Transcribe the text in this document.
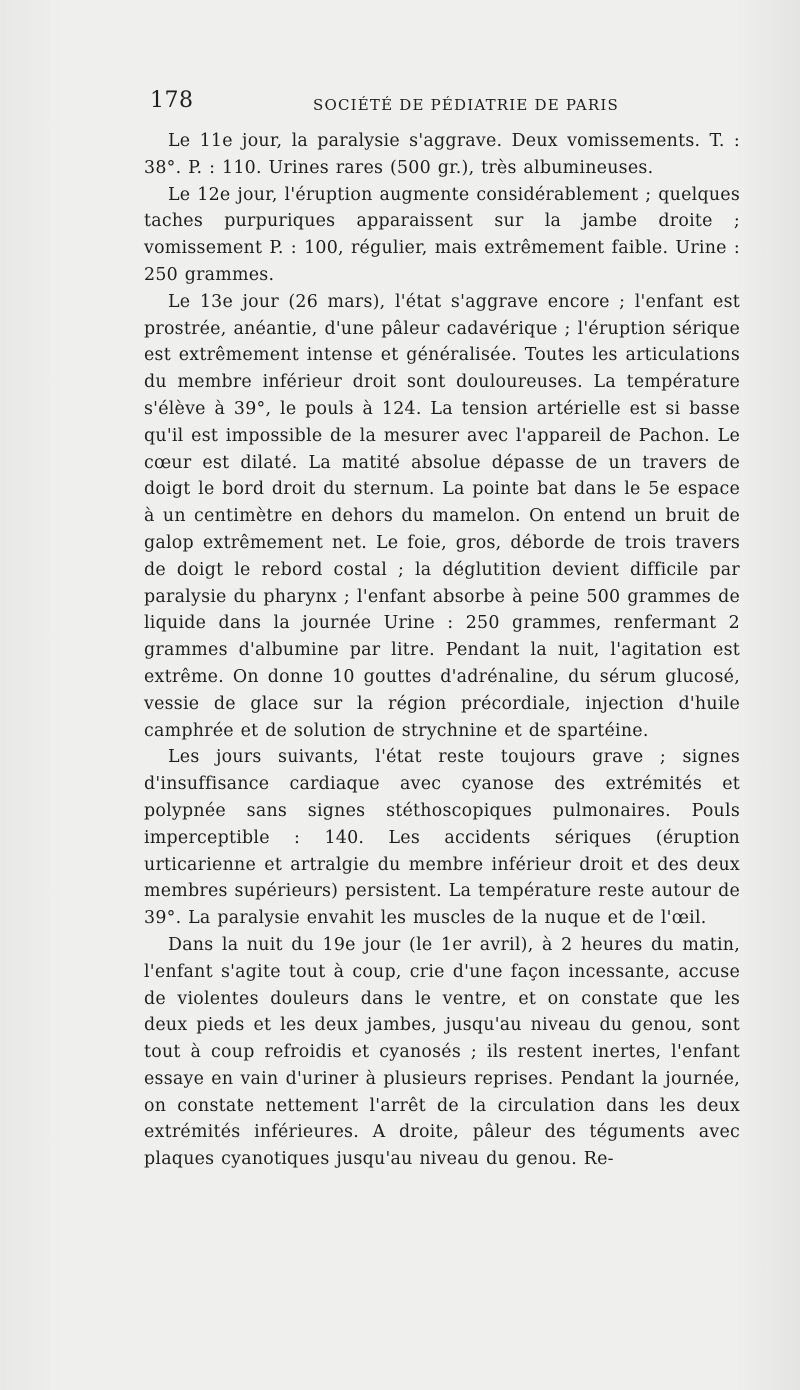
178	SOCIÉTÉ DE PÉDIATRIE DE PARIS

Le 11e jour, la paralysie s'aggrave. Deux vomissements. T. : 38°. P. : 110. Urines rares (500 gr.), très albumineuses.

Le 12e jour, l'éruption augmente considérablement ; quelques taches purpuriques apparaissent sur la jambe droite ; vomissement P. : 100, régulier, mais extrêmement faible. Urine : 250 grammes.

Le 13e jour (26 mars), l'état s'aggrave encore ; l'enfant est prostrée, anéantie, d'une pâleur cadavérique ; l'éruption sérique est extrêmement intense et généralisée. Toutes les articulations du membre inférieur droit sont douloureuses. La température s'élève à 39°, le pouls à 124. La tension artérielle est si basse qu'il est impossible de la mesurer avec l'appareil de Pachon. Le cœur est dilaté. La matité absolue dépasse de un travers de doigt le bord droit du sternum. La pointe bat dans le 5e espace à un centimètre en dehors du mamelon. On entend un bruit de galop extrêmement net. Le foie, gros, déborde de trois travers de doigt le rebord costal ; la déglutition devient difficile par paralysie du pharynx ; l'enfant absorbe à peine 500 grammes de liquide dans la journée Urine : 250 grammes, renfermant 2 grammes d'albumine par litre. Pendant la nuit, l'agitation est extrême. On donne 10 gouttes d'adrénaline, du sérum glucosé, vessie de glace sur la région précordiale, injection d'huile camphrée et de solution de strychnine et de spartéine.

Les jours suivants, l'état reste toujours grave ; signes d'insuffisance cardiaque avec cyanose des extrémités et polypnée sans signes stéthoscopiques pulmonaires. Pouls imperceptible : 140. Les accidents sériques (éruption urticarienne et artralgie du membre inférieur droit et des deux membres supérieurs) persistent. La température reste autour de 39°. La paralysie envahit les muscles de la nuque et de l'œil.

Dans la nuit du 19e jour (le 1er avril), à 2 heures du matin, l'enfant s'agite tout à coup, crie d'une façon incessante, accuse de violentes douleurs dans le ventre, et on constate que les deux pieds et les deux jambes, jusqu'au niveau du genou, sont tout à coup refroidis et cyanosés ; ils restent inertes, l'enfant essaye en vain d'uriner à plusieurs reprises. Pendant la journée, on constate nettement l'arrêt de la circulation dans les deux extrémités inférieures. A droite, pâleur des téguments avec plaques cyanotiques jusqu'au niveau du genou. Re-
